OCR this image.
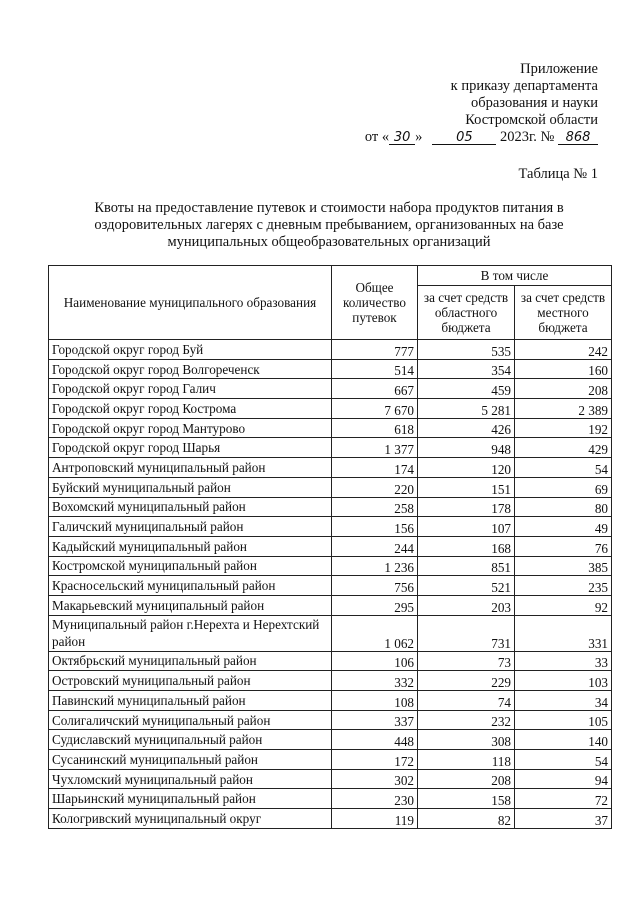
Приложение
к приказу департамента
образования и науки
Костромской области
от « 30 »	05 2023г. № 868
Таблица № 1
Квоты на предоставление путевок и стоимости набора продуктов питания в оздоровительных лагерях с дневным пребыванием, организованных на базе муниципальных общеобразовательных организаций
Наименование муниципального образования	Общее количество путевок	В том числе	
		за счет средств областного бюджета	за счет средств местного бюджета
Городской округ город Буй	777	535	242
Городской округ город Волгореченск	514	354	160
Городской округ город Галич	667	459	208
Городской округ город Кострома	7 670	5 281	2 389
Городской округ город Мантурово	618	426	192
Городской округ город Шарья	1 377	948	429
Антроповский муниципальный район	174	120	54
Буйский муниципальный район	220	151	69
Вохомский муниципальный район	258	178	80
Галичский муниципальный район	156	107	49
Кадыйский муниципальный район	244	168	76
Костромской муниципальный район	1 236	851	385
Красносельский муниципальный район	756	521	235
Макарьевский муниципальный район	295	203	92
Муниципальный район г.Нерехта и Нерехтский район	1 062	731	331
Октябрьский муниципальный район	106	73	33
Островский муниципальный район	332	229	103
Павинский муниципальный район	108	74	34
Солигаличский муниципальный район	337	232	105
Судиславский муниципальный район	448	308	140
Сусанинский муниципальный район	172	118	54
Чухломский муниципальный район	302	208	94
Шарьинский муниципальный район	230	158	72
Кологривский муниципальный округ	119	82	37
